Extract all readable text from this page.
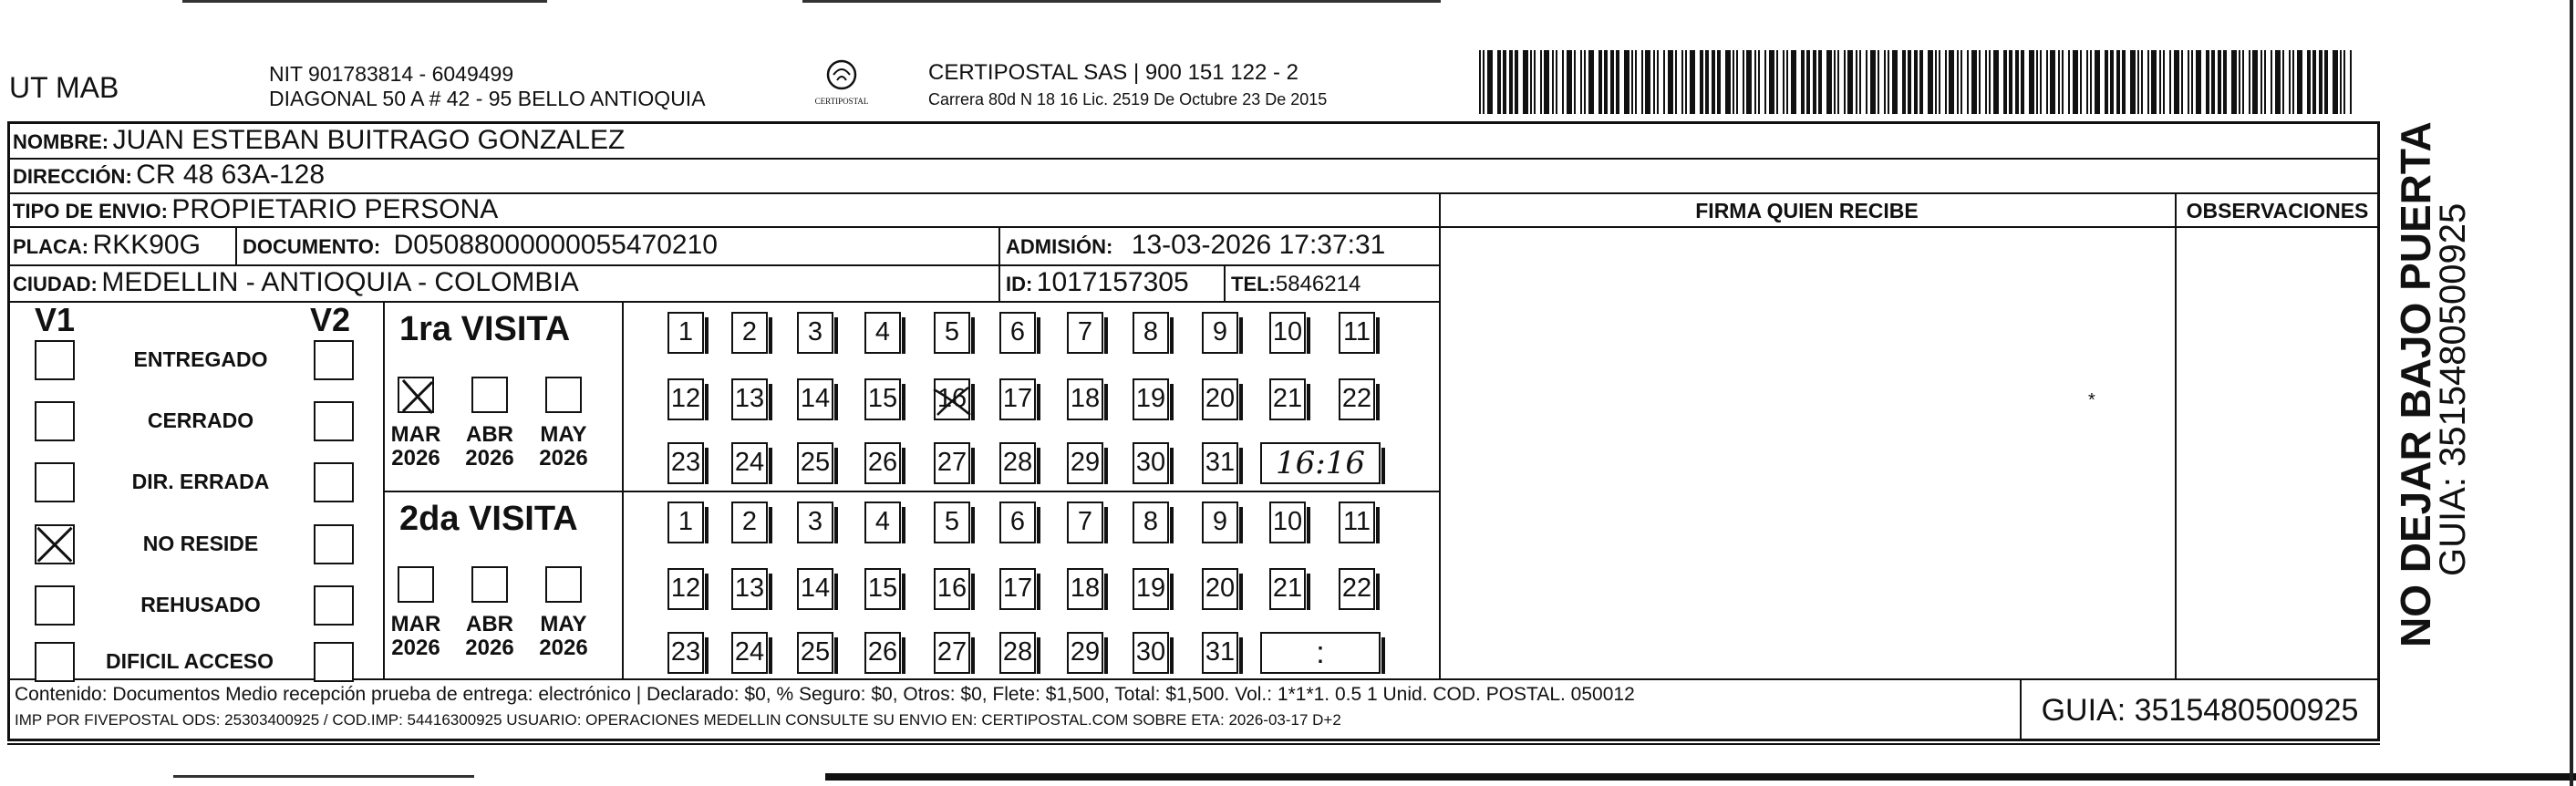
UT MAB	NIT 901783814 - 6049499
DIAGONAL 50 A # 42 - 95 BELLO ANTIOQUIA	CERTIPOSTAL
CERTIPOSTAL SAS | 900 151 122 - 2
Carrera 80d N 18 16 Lic. 2519 De Octubre 23 De 2015
NOMBRE: JUAN ESTEBAN BUITRAGO GONZALEZ
DIRECCIÓN: CR 48 63A-128
TIPO DE ENVIO: PROPIETARIO PERSONA	FIRMA QUIEN RECIBE	OBSERVACIONES
*
PLACA: RKK90G DOCUMENTO: D05088000000055470210	ADMISIÓN: 13-03-2026 17:37:31
CIUDAD: MEDELLIN - ANTIOQUIA - COLOMBIA	ID: 1017157305 TEL:5846214
V1	V2
ENTREGADO
CERRADO
DIR. ERRADA
NO RESIDE
REHUSADO
DIFICIL ACCESO
1ra VISITA
MAR
2026
ABR
2026
MAY
2026
1	2	3	4	5	6	7	8	9	10 11
12 13 14 15 16 17 18 19 20 21 22
23 24 25 26 27 28 29 30 31	16:16
2da VISITA
MAR
2026
ABR
2026
MAY
2026
1	2	3	4	5	6	7	8	9	10 11
12 13 14 15 16 17 18 19 20 21 22
23 24 25 26 27 28 29 30 31	:
Contenido: Documentos Medio recepción prueba de entrega: electrónico | Declarado: $0, % Seguro: $0, Otros: $0, Flete: $1,500, Total: $1,500. Vol.: 1*1*1. 0.5 1 Unid. COD. POSTAL. 050012
IMP POR FIVEPOSTAL ODS: 25303400925 / COD.IMP: 54416300925 USUARIO: OPERACIONES MEDELLIN CONSULTE SU ENVIO EN: CERTIPOSTAL.COM SOBRE ETA: 2026-03-17 D+2	GUIA: 3515480500925
NO DEJAR BAJO PUERTA
GUIA: 3515480500925
